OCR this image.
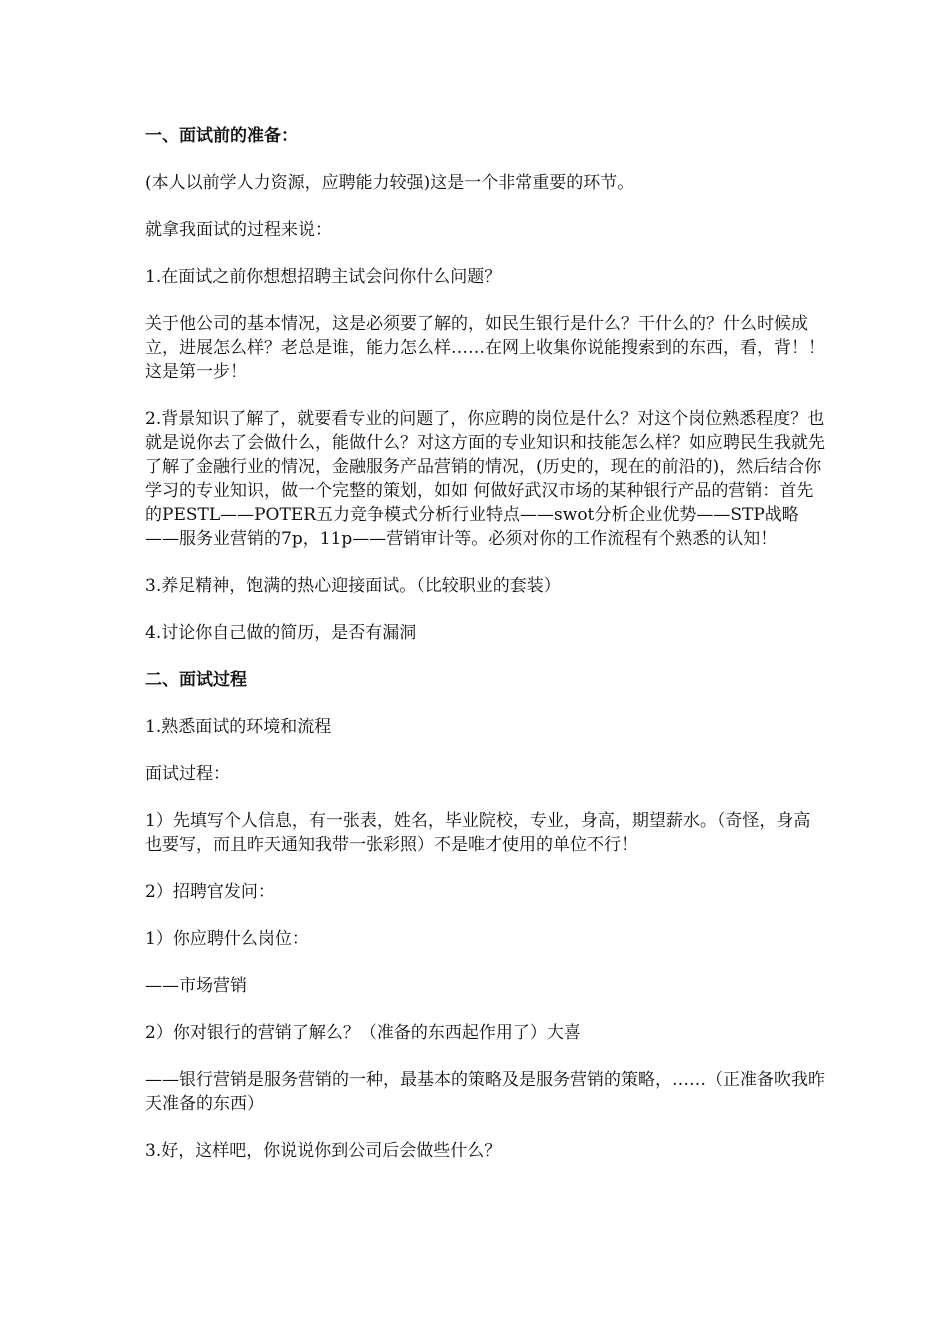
一、面试前的准备：

(本人以前学人力资源，应聘能力较强)这是一个非常重要的环节。

就拿我面试的过程来说：

1.在面试之前你想想招聘主试会问你什么问题？

关于他公司的基本情况，这是必须要了解的，如民生银行是什么？干什么的？什么时候成立，进展怎么样？老总是谁，能力怎么样……在网上收集你说能搜索到的东西，看，背！！这是第一步！

2.背景知识了解了，就要看专业的问题了，你应聘的岗位是什么？对这个岗位熟悉程度？也就是说你去了会做什么，能做什么？对这方面的专业知识和技能怎么样？如应聘民生我就先了解了金融行业的情况，金融服务产品营销的情况，(历史的，现在的前沿的)，然后结合你学习的专业知识，做一个完整的策划，如如 何做好武汉市场的某种银行产品的营销：首先的PESTL——POTER五力竞争模式分析行业特点——swot分析企业优势——STP战略——服务业营销的7p，11p——营销审计等。必须对你的工作流程有个熟悉的认知！

3.养足精神，饱满的热心迎接面试。（比较职业的套装）

4.讨论你自己做的简历，是否有漏洞

二、面试过程

1.熟悉面试的环境和流程

面试过程：

1）先填写个人信息，有一张表，姓名，毕业院校，专业，身高，期望薪水。（奇怪，身高也要写，而且昨天通知我带一张彩照）不是唯才使用的单位不行！

2）招聘官发问：

1）你应聘什么岗位：

——市场营销

2）你对银行的营销了解么？（准备的东西起作用了）大喜

——银行营销是服务营销的一种，最基本的策略及是服务营销的策略，……（正准备吹我昨天准备的东西）

3.好，这样吧，你说说你到公司后会做些什么？
